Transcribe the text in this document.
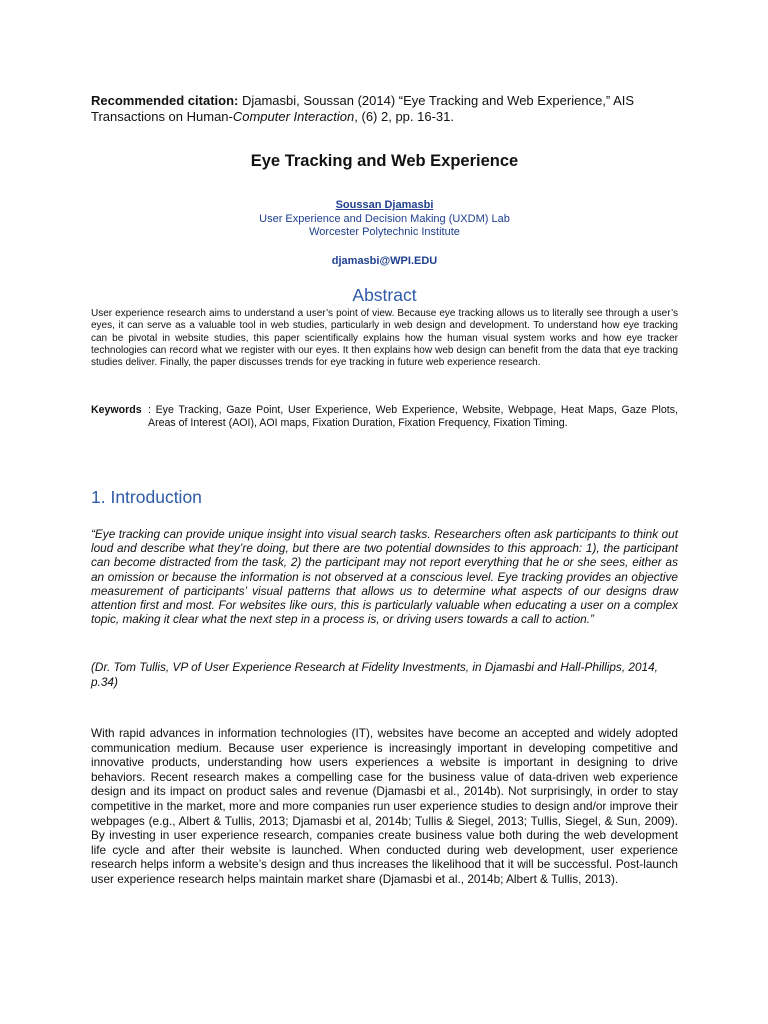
Recommended citation: Djamasbi, Soussan (2014) “Eye Tracking and Web Experience,” AIS Transactions on Human-Computer Interaction, (6) 2, pp. 16-31.
Eye Tracking and Web Experience
Soussan Djamasbi
User Experience and Decision Making (UXDM) Lab
Worcester Polytechnic Institute
djamasbi@WPI.EDU
Abstract
User experience research aims to understand a user’s point of view. Because eye tracking allows us to literally see through a user’s eyes, it can serve as a valuable tool in web studies, particularly in web design and development. To understand how eye tracking can be pivotal in website studies, this paper scientifically explains how the human visual system works and how eye tracker technologies can record what we register with our eyes. It then explains how web design can benefit from the data that eye tracking studies deliver. Finally, the paper discusses trends for eye tracking in future web experience research.
Keywords : Eye Tracking, Gaze Point, User Experience, Web Experience, Website, Webpage, Heat Maps, Gaze Plots, Areas of Interest (AOI), AOI maps, Fixation Duration, Fixation Frequency, Fixation Timing.
1. Introduction
“Eye tracking can provide unique insight into visual search tasks. Researchers often ask participants to think out loud and describe what they’re doing, but there are two potential downsides to this approach: 1), the participant can become distracted from the task, 2) the participant may not report everything that he or she sees, either as an omission or because the information is not observed at a conscious level. Eye tracking provides an objective measurement of participants’ visual patterns that allows us to determine what aspects of our designs draw attention first and most. For websites like ours, this is particularly valuable when educating a user on a complex topic, making it clear what the next step in a process is, or driving users towards a call to action.”
(Dr. Tom Tullis, VP of User Experience Research at Fidelity Investments, in Djamasbi and Hall-Phillips, 2014, p.34)
With rapid advances in information technologies (IT), websites have become an accepted and widely adopted communication medium. Because user experience is increasingly important in developing competitive and innovative products, understanding how users experiences a website is important in designing to drive behaviors. Recent research makes a compelling case for the business value of data-driven web experience design and its impact on product sales and revenue (Djamasbi et al., 2014b). Not surprisingly, in order to stay competitive in the market, more and more companies run user experience studies to design and/or improve their webpages (e.g., Albert & Tullis, 2013; Djamasbi et al, 2014b; Tullis & Siegel, 2013; Tullis, Siegel, & Sun, 2009). By investing in user experience research, companies create business value both during the web development life cycle and after their website is launched. When conducted during web development, user experience research helps inform a website’s design and thus increases the likelihood that it will be successful. Post-launch user experience research helps maintain market share (Djamasbi et al., 2014b; Albert & Tullis, 2013).
